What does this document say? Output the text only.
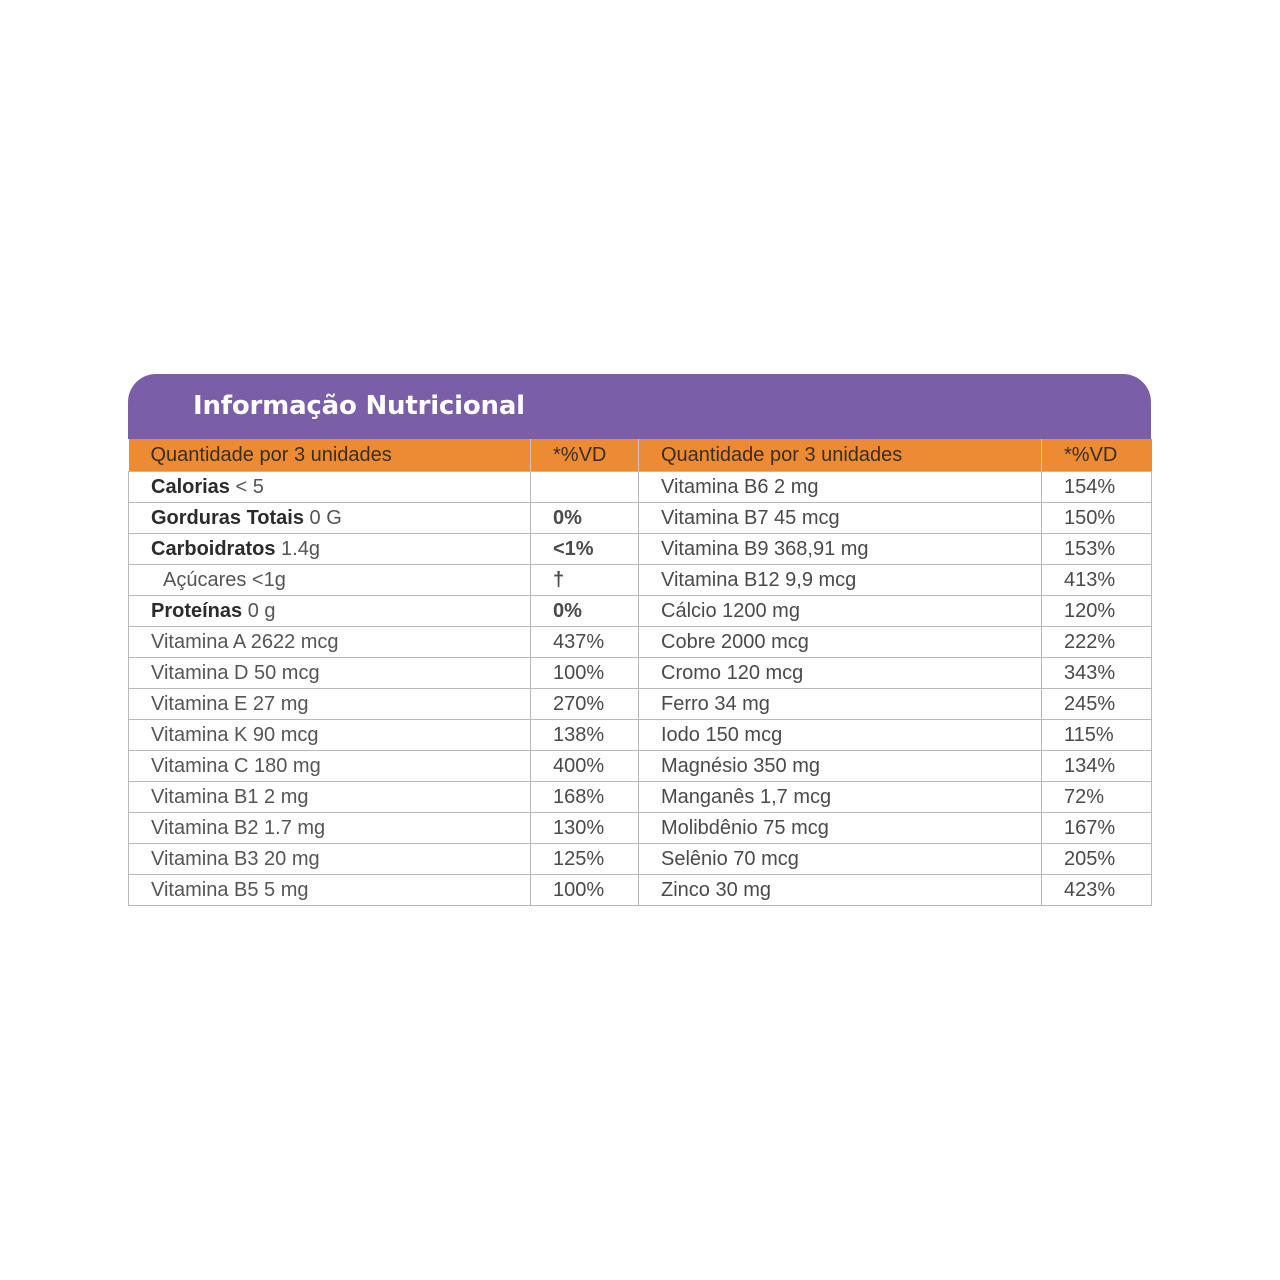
Informação Nutricional
Quantidade por 3 unidades	*%VD	Quantidade por 3 unidades	*%VD
Calorias < 5		Vitamina B6 2 mg	154%
Gorduras Totais 0 G	0%	Vitamina B7 45 mcg	150%
Carboidratos 1.4g	<1%	Vitamina B9 368,91 mg	153%
Açúcares <1g	†	Vitamina B12 9,9 mcg	413%
Proteínas 0 g	0%	Cálcio 1200 mg	120%
Vitamina A 2622 mcg	437%	Cobre 2000 mcg	222%
Vitamina D 50 mcg	100%	Cromo 120 mcg	343%
Vitamina E 27 mg	270%	Ferro 34 mg	245%
Vitamina K 90 mcg	138%	Iodo 150 mcg	115%
Vitamina C 180 mg	400%	Magnésio 350 mg	134%
Vitamina B1 2 mg	168%	Manganês 1,7 mcg	72%
Vitamina B2 1.7 mg	130%	Molibdênio 75 mcg	167%
Vitamina B3 20 mg	125%	Selênio 70 mcg	205%
Vitamina B5 5 mg	100%	Zinco 30 mg	423%
